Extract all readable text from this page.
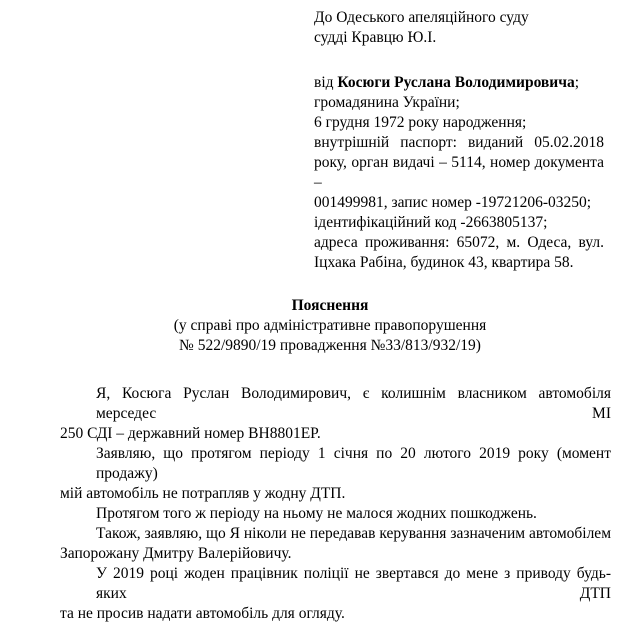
До Одеського апеляційного суду
судді Кравцю Ю.І.
від Косюги Руслана Володимировича;
громадянина України;
6 грудня 1972 року народження;
внутрішній паспорт: виданий 05.02.2018
року, орган видачі – 5114, номер документа –
001499981, запис номер -19721206-03250;
ідентифікаційний код -2663805137;
адреса проживання: 65072, м. Одеса, вул.
Іцхака Рабіна, будинок 43, квартира 58.
Пояснення
(у справі про адміністративне правопорушення
№ 522/9890/19 провадження №33/813/932/19)
Я, Косюга Руслан Володимирович, є колишнім власником автомобіля мерседес МІ
250 СДІ – державний номер ВН8801ЕР.
Заявляю, що протягом періоду 1 січня по 20 лютого 2019 року (момент продажу)
мій автомобіль не потрапляв у жодну ДТП.
Протягом того ж періоду на ньому не малося жодних пошкоджень.
Також, заявляю, що Я ніколи не передавав керування зазначеним автомобілем
Запорожану Дмитру Валерійовичу.
У 2019 році жоден працівник поліції не звертався до мене з приводу будь-яких ДТП
та не просив надати автомобіль для огляду.
